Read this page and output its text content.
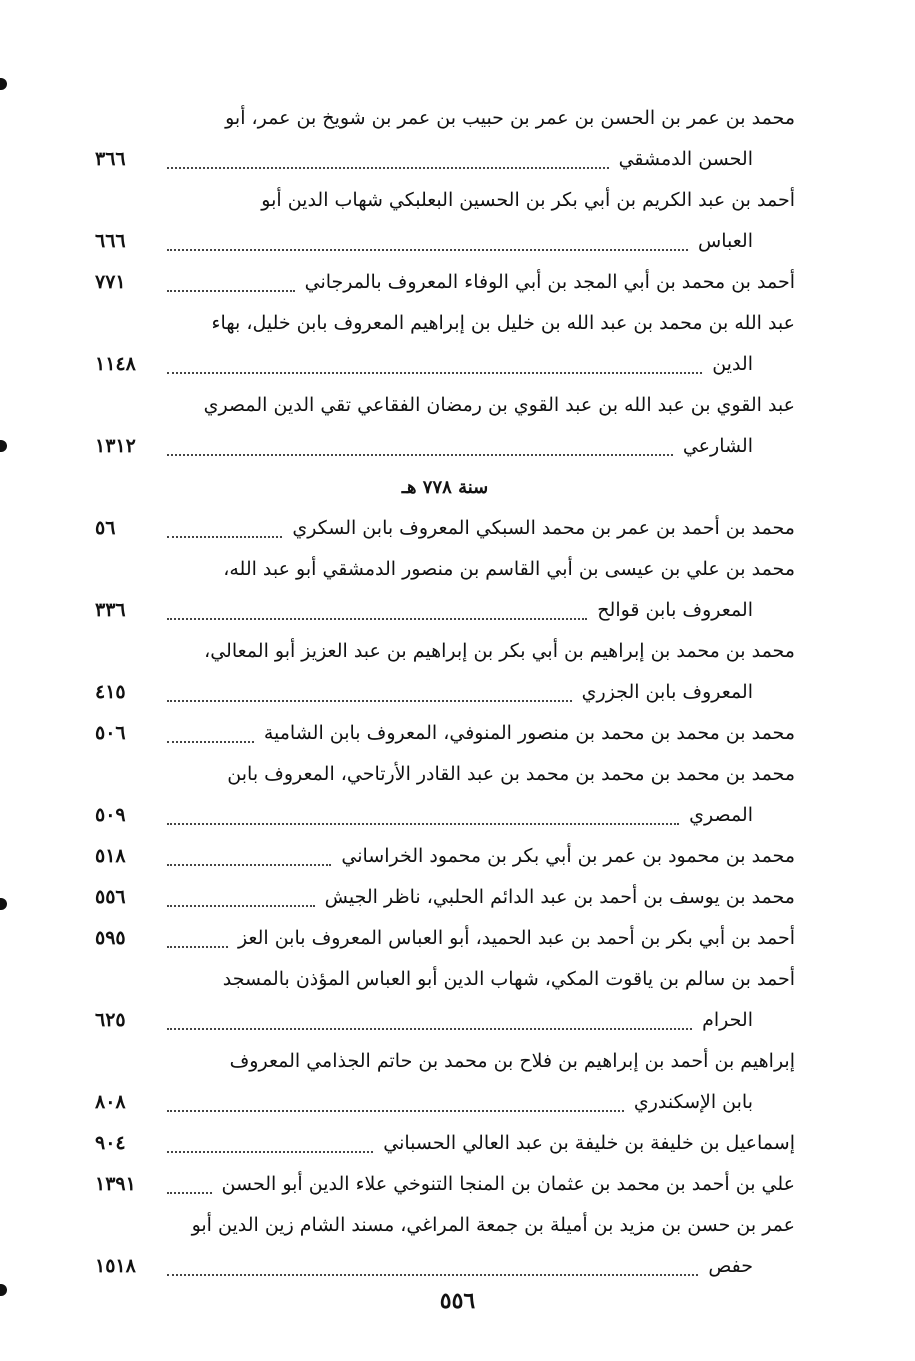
محمد بن عمر بن الحسن بن عمر بن حبيب بن عمر بن شويخ بن عمر، أبو
الحسن الدمشقي
٣٦٦
أحمد بن عبد الكريم بن أبي بكر بن الحسين البعلبكي شهاب الدين أبو
العباس
٦٦٦
أحمد بن محمد بن أبي المجد بن أبي الوفاء المعروف بالمرجاني
٧٧١
عبد الله بن محمد بن عبد الله بن خليل بن إبراهيم المعروف بابن خليل، بهاء
الدين
١١٤٨
عبد القوي بن عبد الله بن عبد القوي بن رمضان الفقاعي تقي الدين المصري
الشارعي
١٣١٢
سنة ٧٧٨ هـ
محمد بن أحمد بن عمر بن محمد السبكي المعروف بابن السكري
٥٦
محمد بن علي بن عيسى بن أبي القاسم بن منصور الدمشقي أبو عبد الله،
المعروف بابن قوالح
٣٣٦
محمد بن محمد بن إبراهيم بن أبي بكر بن إبراهيم بن عبد العزيز أبو المعالي،
المعروف بابن الجزري
٤١٥
محمد بن محمد بن محمد بن منصور المنوفي، المعروف بابن الشامية
٥٠٦
محمد بن محمد بن محمد بن محمد بن عبد القادر الأرتاحي، المعروف بابن
المصري
٥٠٩
محمد بن محمود بن عمر بن أبي بكر بن محمود الخراساني
٥١٨
محمد بن يوسف بن أحمد بن عبد الدائم الحلبي، ناظر الجيش
٥٥٦
أحمد بن أبي بكر بن أحمد بن عبد الحميد، أبو العباس المعروف بابن العز
٥٩٥
أحمد بن سالم بن ياقوت المكي، شهاب الدين أبو العباس المؤذن بالمسجد
الحرام
٦٢٥
إبراهيم بن أحمد بن إبراهيم بن فلاح بن محمد بن حاتم الجذامي المعروف
بابن الإسكندري
٨٠٨
إسماعيل بن خليفة بن خليفة بن عبد العالي الحسباني
٩٠٤
علي بن أحمد بن محمد بن عثمان بن المنجا التنوخي علاء الدين أبو الحسن
١٣٩١
عمر بن حسن بن مزيد بن أميلة بن جمعة المراغي، مسند الشام زين الدين أبو
حفص
١٥١٨
٥٥٦
